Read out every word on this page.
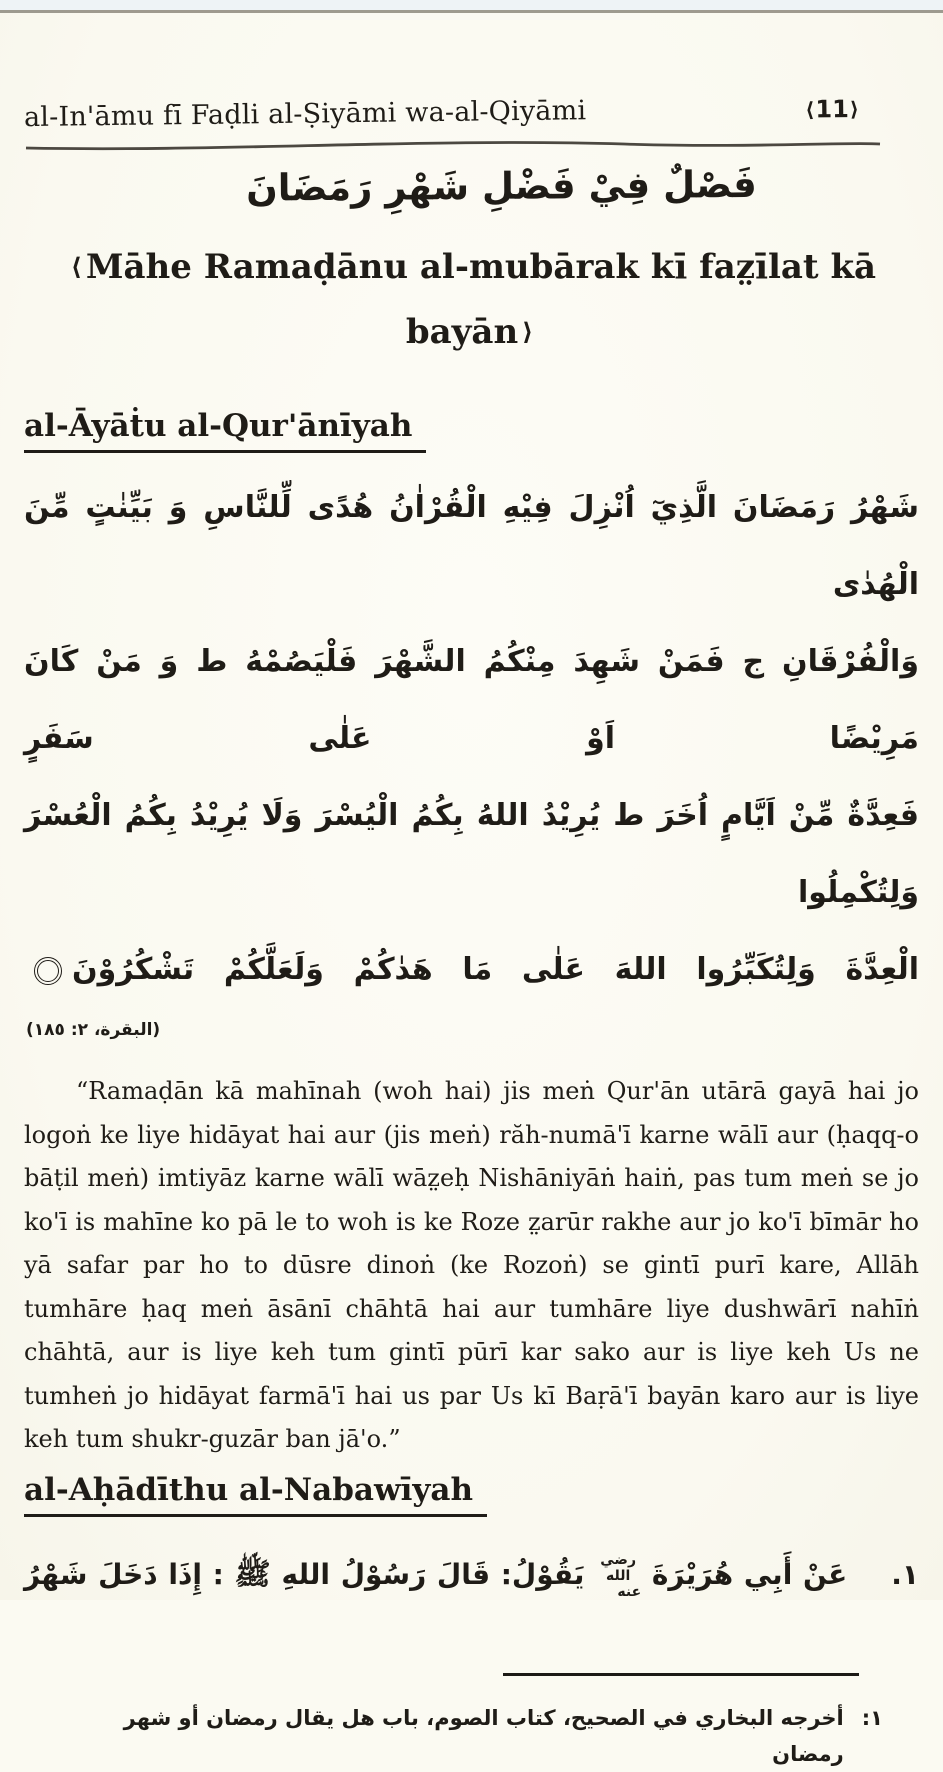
al-In'āmu fī Faḍli al-Ṣiyāmi wa-al-Qiyāmi	⟨11⟩
فَصْلٌ فِيْ فَضْلِ شَهْرِ رَمَضَانَ
⟨ Māhe Ramaḍānu al-mubārak kī faz̤īlat kā
bayān ⟩
al-Āyāṫu al-Qur'ānīyah
شَهْرُ رَمَضَانَ الَّذِيٓ اُنْزِلَ فِيْهِ الْقُرْاٰنُ هُدًى لِّلنَّاسِ وَ بَيِّنٰتٍ مِّنَ الْهُدٰى
وَالْفُرْقَانِ ج فَمَنْ شَهِدَ مِنْكُمُ الشَّهْرَ فَلْيَصُمْهُ ط وَ مَنْ كَانَ مَرِيْضًا اَوْ عَلٰى سَفَرٍ
فَعِدَّةٌ مِّنْ اَيَّامٍ اُخَرَ ط يُرِيْدُ اللهُ بِكُمُ الْيُسْرَ وَلَا يُرِيْدُ بِكُمُ الْعُسْرَ وَلِتُكْمِلُوا
الْعِدَّةَ وَلِتُكَبِّرُوا اللهَ عَلٰى مَا هَدٰكُمْ وَلَعَلَّكُمْ تَشْكُرُوْنَ
(البقرة، ٢: ١٨٥)

“Ramaḍān kā mahīnah (woh hai) jis meṅ Qur'ān utārā gayā hai jo logoṅ ke liye hidāyat hai aur (jis meṅ) răh-numā'ī karne wālī aur (ḥaqq-o bāṭil meṅ) imtiyāz karne wālī wāz̤eḥ Nishāniyāṅ haiṅ, pas tum meṅ se jo ko'ī is mahīne ko pā le to woh is ke Roze z̤arūr rakhe aur jo ko'ī bīmār ho yā safar par ho to dūsre dinoṅ (ke Rozoṅ) se gintī purī kare, Allāh tumhāre ḥaq meṅ āsānī chāhtā hai aur tumhāre liye dushwārī nahīṅ chāhtā, aur is liye keh tum gintī pūrī kar sako aur is liye keh Us ne tumheṅ jo hidāyat farmā'ī hai us par Us kī Baṛā'ī bayān karo aur is liye keh tum shukr-guzār ban jā'o.”

al-Aḥādīthu al-Nabawīyah
١.
عَنْ أَبِي هُرَيْرَةَ رضي الله عنه يَقُوْلُ: قَالَ رَسُوْلُ اللهِ ﷺ : إِذَا دَخَلَ شَهْرُ
١:
أخرجه البخاري في الصحيح، كتاب الصوم، باب هل يقال رمضان أو شهر رمضان
